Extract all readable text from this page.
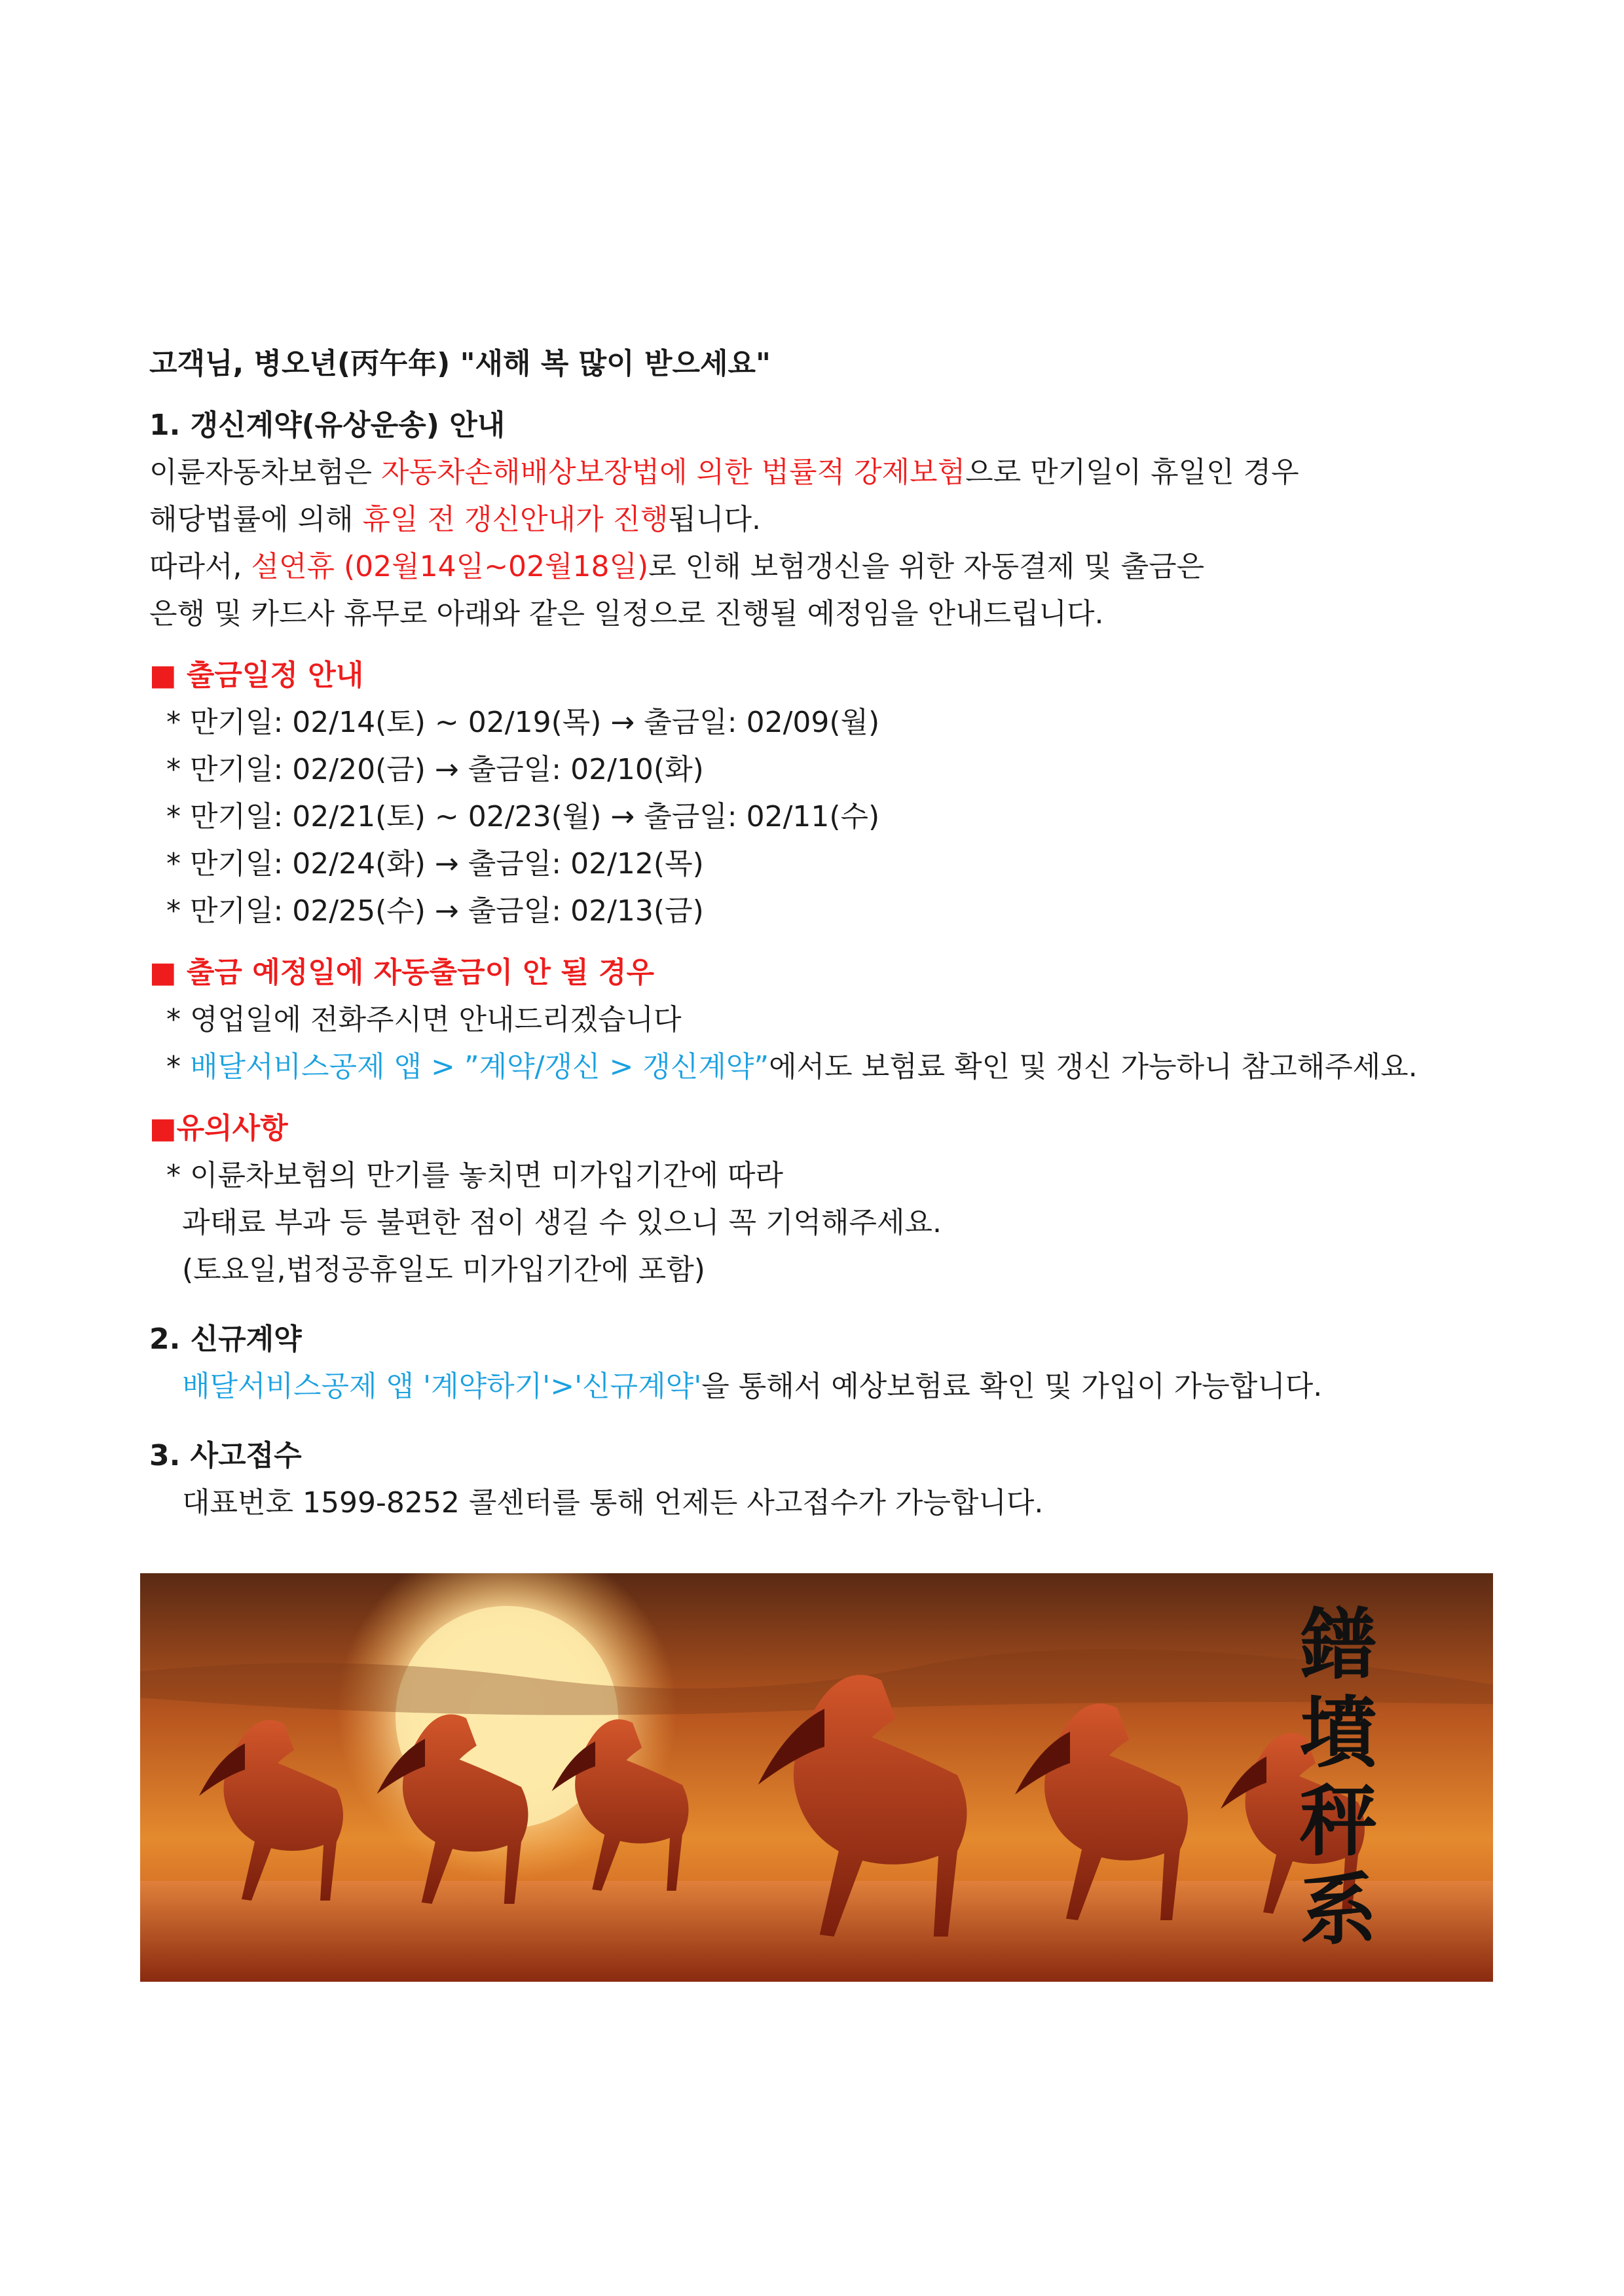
고객님, 병오년(丙午年) "새해 복 많이 받으세요"
1. 갱신계약(유상운송) 안내
이륜자동차보험은 자동차손해배상보장법에 의한 법률적 강제보험으로 만기일이 휴일인 경우
해당법률에 의해 휴일 전 갱신안내가 진행됩니다.
따라서, 설연휴 (02월14일~02월18일)로 인해 보험갱신을 위한 자동결제 및 출금은
은행 및 카드사 휴무로 아래와 같은 일정으로 진행될 예정임을 안내드립니다.
■ 출금일정 안내
* 만기일: 02/14(토) ~ 02/19(목) → 출금일: 02/09(월)
* 만기일: 02/20(금) → 출금일: 02/10(화)
* 만기일: 02/21(토) ~ 02/23(월) → 출금일: 02/11(수)
* 만기일: 02/24(화) → 출금일: 02/12(목)
* 만기일: 02/25(수) → 출금일: 02/13(금)
■ 출금 예정일에 자동출금이 안 될 경우
* 영업일에 전화주시면 안내드리겠습니다
* 배달서비스공제 앱 > ”계약/갱신 > 갱신계약”에서도 보험료 확인 및 갱신 가능하니 참고해주세요.
■유의사항
* 이륜차보험의 만기를 놓치면 미가입기간에 따라
과태료 부과 등 불편한 점이 생길 수 있으니 꼭 기억해주세요.
(토요일,법정공휴일도 미가입기간에 포함)
2. 신규계약
배달서비스공제 앱 '계약하기'>'신규계약'을 통해서 예상보험료 확인 및 가입이 가능합니다.
3. 사고접수
대표번호 1599-8252 콜센터를 통해 언제든 사고접수가 가능합니다.
鐠
墳
秤
系
